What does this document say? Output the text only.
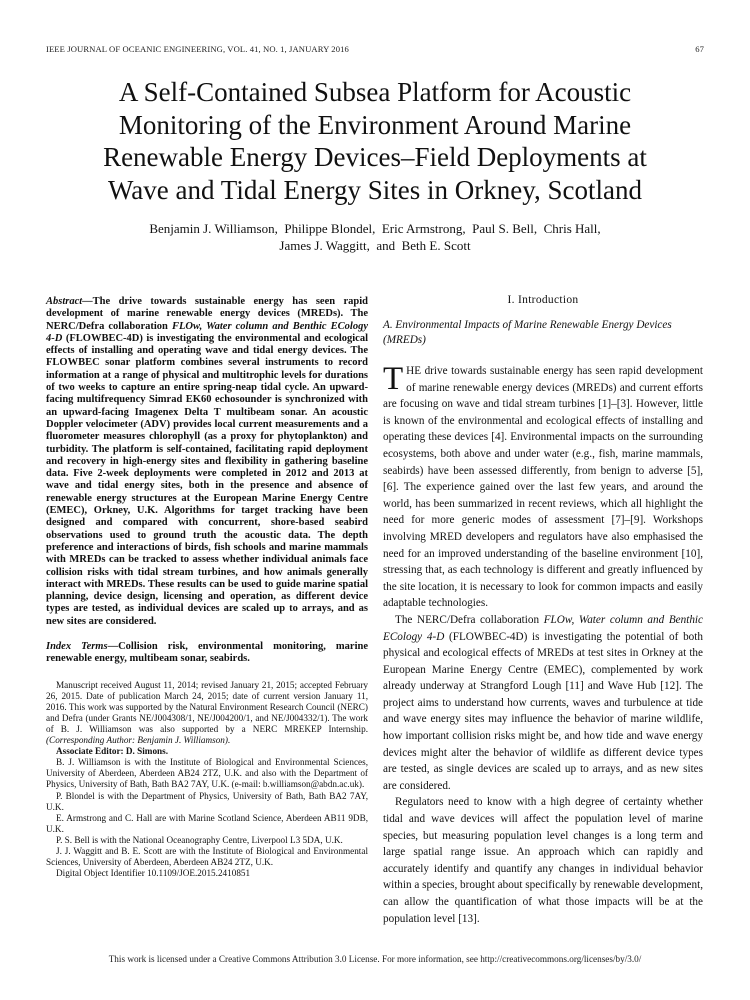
IEEE JOURNAL OF OCEANIC ENGINEERING, VOL. 41, NO. 1, JANUARY 2016	67
A Self-Contained Subsea Platform for Acoustic
Monitoring of the Environment Around Marine
Renewable Energy Devices–Field Deployments at
Wave and Tidal Energy Sites in Orkney, Scotland
Benjamin J. Williamson,  Philippe Blondel,  Eric Armstrong,  Paul S. Bell,  Chris Hall,
James J. Waggitt,  and  Beth E. Scott
Abstract—The drive towards sustainable energy has seen rapid development of marine renewable energy devices (MREDs). The NERC/Defra collaboration FLOw, Water column and Benthic ECology 4-D (FLOWBEC-4D) is investigating the environmental and ecological effects of installing and operating wave and tidal energy devices. The FLOWBEC sonar platform combines several instruments to record information at a range of physical and multitrophic levels for durations of two weeks to capture an entire spring-neap tidal cycle. An upward-facing multifrequency Simrad EK60 echosounder is synchronized with an upward-facing Imagenex Delta T multibeam sonar. An acoustic Doppler velocimeter (ADV) provides local current measurements and a fluorometer measures chlorophyll (as a proxy for phytoplankton) and turbidity. The platform is self-contained, facilitating rapid deployment and recovery in high-energy sites and flexibility in gathering baseline data. Five 2-week deployments were completed in 2012 and 2013 at wave and tidal energy sites, both in the presence and absence of renewable energy structures at the European Marine Energy Centre (EMEC), Orkney, U.K. Algorithms for target tracking have been designed and compared with concurrent, shore-based seabird observations used to ground truth the acoustic data. The depth preference and interactions of birds, fish schools and marine mammals with MREDs can be tracked to assess whether individual animals face collision risks with tidal stream turbines, and how animals generally interact with MREDs. These results can be used to guide marine spatial planning, device design, licensing and operation, as different device types are tested, as individual devices are scaled up to arrays, and as new sites are considered.
Index Terms—Collision risk, environmental monitoring, marine renewable energy, multibeam sonar, seabirds.

Manuscript received August 11, 2014; revised January 21, 2015; accepted February 26, 2015. Date of publication March 24, 2015; date of current version January 11, 2016. This work was supported by the Natural Environment Research Council (NERC) and Defra (under Grants NE/J004308/1, NE/J004200/1, and NE/J004332/1). The work of B. J. Williamson was also supported by a NERC MREKEP Internship. (Corresponding Author: Benjamin J. Williamson).

Associate Editor: D. Simons.

B. J. Williamson is with the Institute of Biological and Environmental Sciences, University of Aberdeen, Aberdeen AB24 2TZ, U.K. and also with the Department of Physics, University of Bath, Bath BA2 7AY, U.K. (e-mail: b.williamson@abdn.ac.uk).

P. Blondel is with the Department of Physics, University of Bath, Bath BA2 7AY, U.K.

E. Armstrong and C. Hall are with Marine Scotland Science, Aberdeen AB11 9DB, U.K.

P. S. Bell is with the National Oceanography Centre, Liverpool L3 5DA, U.K.

J. J. Waggitt and B. E. Scott are with the Institute of Biological and Environmental Sciences, University of Aberdeen, Aberdeen AB24 2TZ, U.K.

Digital Object Identifier 10.1109/JOE.2015.2410851

I. Introduction
A. Environmental Impacts of Marine Renewable Energy Devices (MREDs)

THE drive towards sustainable energy has seen rapid development of marine renewable energy devices (MREDs) and current efforts are focusing on wave and tidal stream turbines [1]–[3]. However, little is known of the environmental and ecological effects of installing and operating these devices [4]. Environmental impacts on the surrounding ecosystems, both above and under water (e.g., fish, marine mammals, seabirds) have been assessed differently, from benign to adverse [5], [6]. The experience gained over the last few years, and around the world, has been summarized in recent reviews, which all highlight the need for more generic modes of assessment [7]–[9]. Workshops involving MRED developers and regulators have also emphasised the need for an improved understanding of the baseline environment [10], stressing that, as each technology is different and greatly influenced by the site location, it is necessary to look for common impacts and easily adaptable technologies.

The NERC/Defra collaboration FLOw, Water column and Benthic ECology 4-D (FLOWBEC-4D) is investigating the potential of both physical and ecological effects of MREDs at test sites in Orkney at the European Marine Energy Centre (EMEC), complemented by work already underway at Strangford Lough [11] and Wave Hub [12]. The project aims to understand how currents, waves and turbulence at tide and wave energy sites may influence the behavior of marine wildlife, how important collision risks might be, and how tide and wave energy devices might alter the behavior of wildlife as different device types are tested, as single devices are scaled up to arrays, and as new sites are considered.

Regulators need to know with a high degree of certainty whether tidal and wave devices will affect the population level of marine species, but measuring population level changes is a long term and large spatial range issue. An approach which can rapidly and accurately identify and quantify any changes in individual behavior within a species, brought about specifically by renewable development, can allow the quantification of what those impacts will be at the population level [13].

This work is licensed under a Creative Commons Attribution 3.0 License. For more information, see http://creativecommons.org/licenses/by/3.0/
